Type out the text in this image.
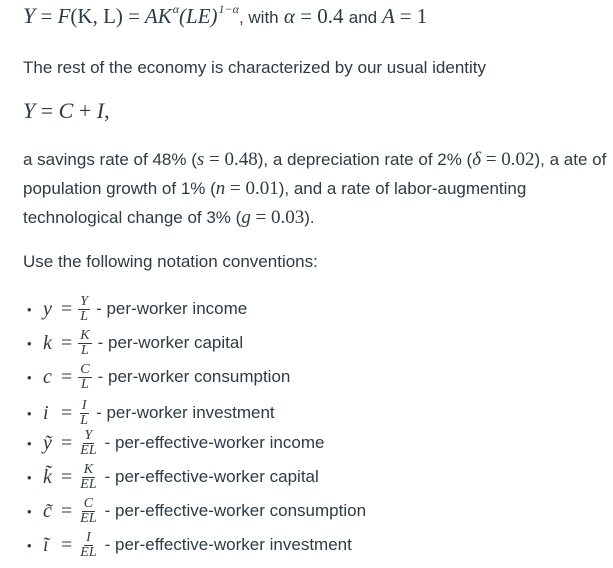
Y = F(K, $L) = AK^\alpha(LE)^{1-\alpha}$, with α = 0.4 and A = 1
The rest of the economy is characterized by our usual identity
Y = C + I,
a savings rate of 48% (s = 0.48), a depreciation rate of 2% (δ = 0.02), a ate of population growth of 1% (n = 0.01), and a rate of labor-augmenting technological change of 3% (g = 0.03).
Use the following notation conventions:
• $y = \frac{Y}{L}$ - per-worker income
• $k = \frac{K}{L}$ - per-worker capital
• $c = \frac{C}{L}$ - per-worker consumption
• $i = \frac{I}{L}$ - per-worker investment
• ỹ = $\frac{Y}{EL}$ - per-effective-worker income
• k̃ = $\frac{K}{EL}$ - per-effective-worker capital
• c̃ = $\frac{C}{EL}$ - per-effective-worker consumption
• ĩ = $\frac{I}{EL}$ - per-effective-worker investment
